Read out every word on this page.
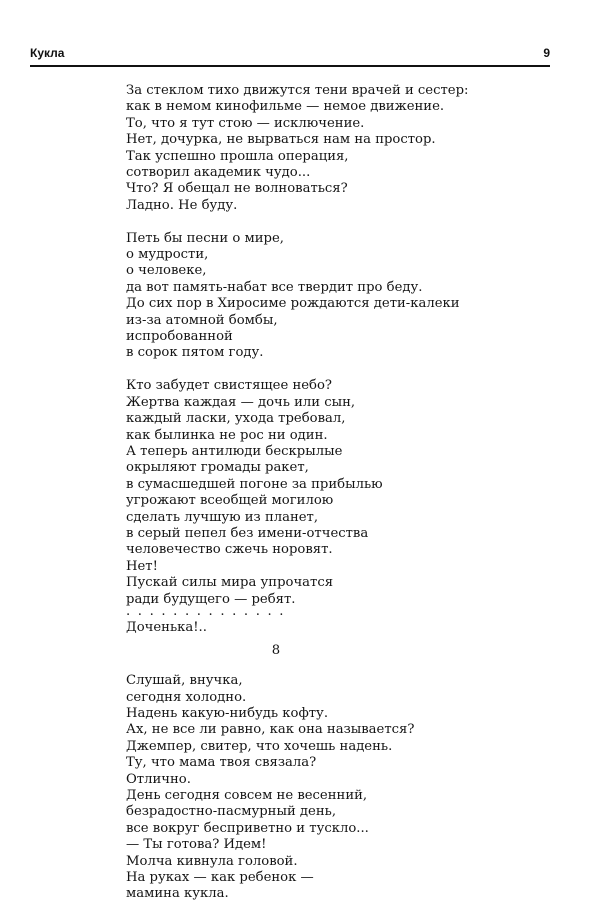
Кукла	9
За стеклом тихо движутся тени врачей и сестер:
как в немом кинофильме — немое движение.
То, что я тут стою — исключение.
Нет, дочурка, не вырваться нам на простор.
Так успешно прошла операция,
сотворил академик чудо...
Что? Я обещал не волноваться?
Ладно. Не буду.
Петь бы песни о мире,
о мудрости,
о человеке,
да вот память-набат все твердит про беду.
До сих пор в Хиросиме рождаются дети-калеки
из-за атомной бомбы,
испробованной
в сорок пятом году.
Кто забудет свистящее небо?
Жертва каждая — дочь или сын,
каждый ласки, ухода требовал,
как былинка не рос ни один.
А теперь антилюди бескрылые
окрыляют громады ракет,
в сумасшедшей погоне за прибылью
угрожают всеобщей могилою
сделать лучшую из планет,
в серый пепел без имени-отчества
человечество сжечь норовят.
Нет!
Пускай силы мира упрочатся
ради будущего — ребят.
..............
Доченька!..
8
Слушай, внучка,
сегодня холодно.
Надень какую-нибудь кофту.
Ах, не все ли равно, как она называется?
Джемпер, свитер, что хочешь надень.
Ту, что мама твоя связала?
Отлично.
День сегодня совсем не весенний,
безрадостно-пасмурный день,
все вокруг бесприветно и тускло...
— Ты готова? Идем!
Молча кивнула головой.
На руках — как ребенок —
мамина кукла.
